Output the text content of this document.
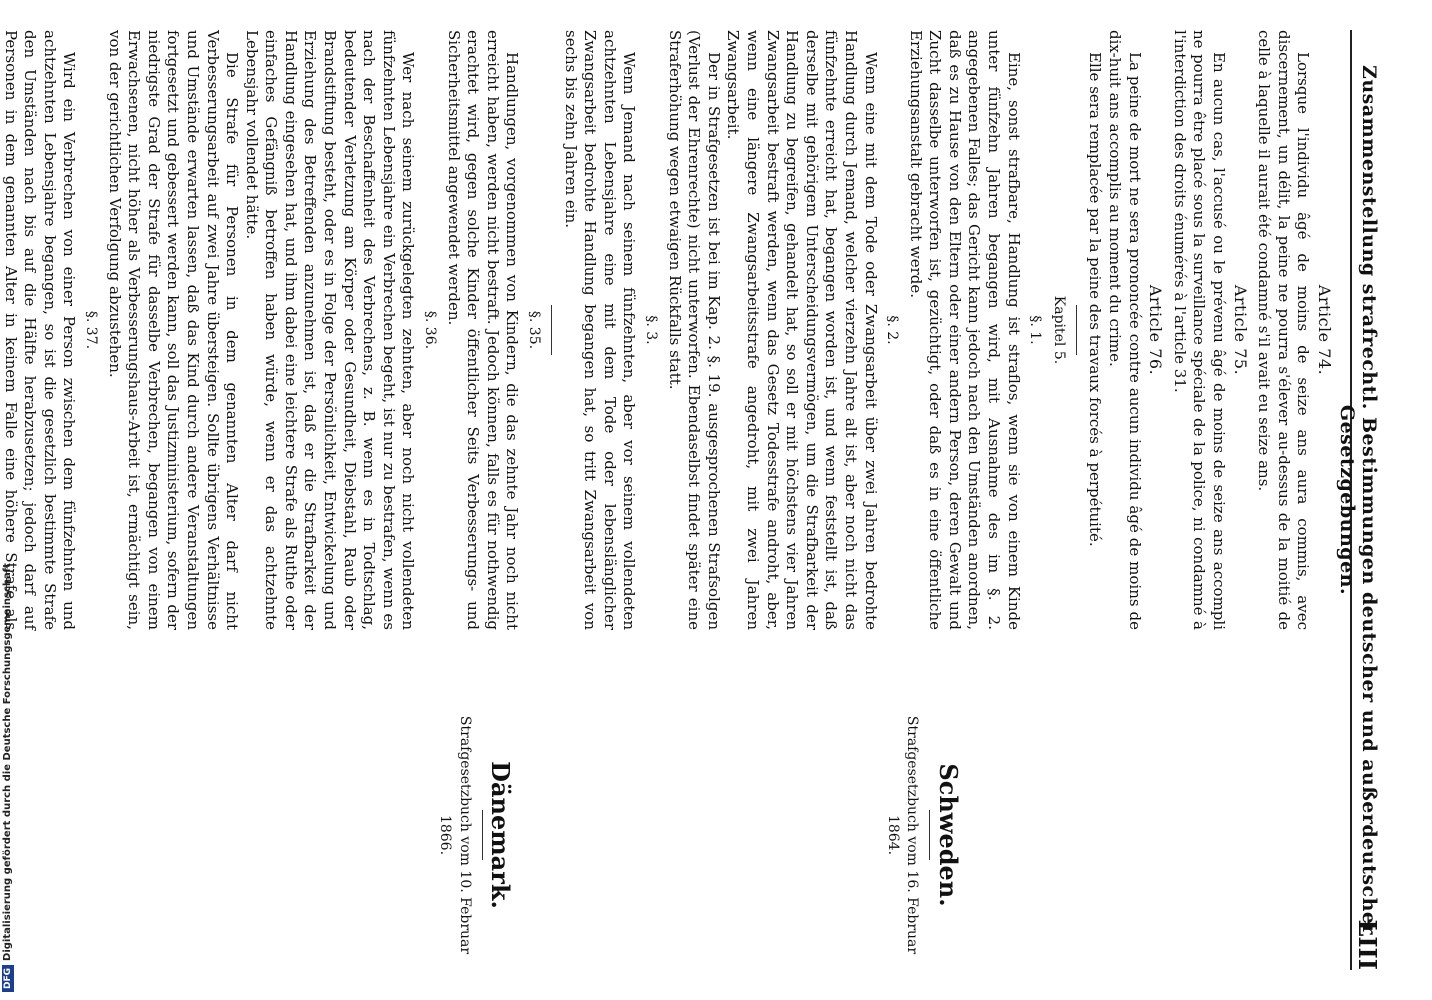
DFGDigitalisierung gefördert durch die Deutsche Forschungsgemeinschaft	Zusammenstellung strafrechtl. Bestimmungen deutscher und außerdeutscher Gesetzgebungen.
LIII
Article 74.

Lorsque l'individu âgé de moins de seize ans aura commis, avec discernement, un délit, la peine ne pourra s'élever au-dessus de la moitié de celle à laquelle il aurait été condamné s'il avait eu seize ans.

Article 75.

En aucun cas, l'accusé ou le prévenu âgé de moins de seize ans accompli ne pourra être placé sous la surveillance spéciale de la police, ni condamné à l'interdiction des droits énumérés à l'article 31.

Article 76.

La peine de mort ne sera prononcée contre aucun individu âgé de moins de dix-huit ans accomplis au moment du crime.

Elle sera remplacée par la peine des travaux forcés à perpétuité.

Kapitel 5.
§. 1.

Eine, sonst strafbare, Handlung ist straflos, wenn sie von einem Kinde unter fünfzehn Jahren begangen wird, mit Ausnahme des im §. 2. angegebenen Falles; das Gericht kann jedoch nach den Umständen anordnen, daß es zu Hause von den Eltern oder einer andern Person, deren Gewalt und Zucht dasselbe unterworfen ist, gezüchtigt, oder daß es in eine öffentliche Erziehungsanstalt gebracht werde.

§. 2.

Wenn eine mit dem Tode oder Zwangsarbeit über zwei Jahren bedrohte Handlung durch Jemand, welcher vierzehn Jahre alt ist, aber noch nicht das fünfzehnte erreicht hat, begangen worden ist, und wenn feststellt ist, daß derselbe mit gehörigem Unterscheidungsvermögen, um die Strafbarkeit der Handlung zu begreifen, gehandelt hat, so soll er mit höchstens vier Jahren Zwangsarbeit bestraft werden, wenn das Gesetz Todesstrafe androht, aber, wenn eine längere Zwangsarbeitsstrafe angedroht, mit zwei Jahren Zwangsarbeit.

Der in Strafgesetzen ist bei im Kap. 2. §. 19. ausgesprochenen Strafsolgen (Verlust der Ehrenrechte) nicht unterworfen. Ebendaselbst findet später eine Straferhöhung wegen etwaigen Rückfalls statt.

§. 3.

Wenn Jemand nach seinem fünfzehnten, aber vor seinem vollendeten achtzehnten Lebensjahre eine mit dem Tode oder lebenslänglicher Zwangsarbeit bedrohte Handlung begangen hat, so tritt Zwangsarbeit von sechs bis zehn Jahren ein.

§. 35.

Handlungen, vorgenommen von Kindern, die das zehnte Jahr noch nicht erreicht haben, werden nicht bestraft. Jedoch können, falls es für nothwendig erachtet wird, gegen solche Kinder öffentlicher Seits Verbesserungs- und Sicherheitsmittel angewendet werden.

§. 36.

Wer nach seinem zurückgelegten zehnten, aber noch nicht vollendeten fünfzehnten Lebensjahre ein Verbrechen begeht, ist nur zu bestrafen, wenn es nach der Beschaffenheit des Verbrechens, z. B. wenn es in Todtschlag, bedeutender Verletzung am Körper oder Gesundheit, Diebstahl, Raub oder Brandstiftung besteht, oder es in Folge der Persönlichkeit, Entwickelung und Erziehung des Betreffenden anzunehmen ist, daß er die Strafbarkeit der Handlung eingesehen hat, und ihm dabei eine leichtere Strafe als Ruthe oder einfaches Gefängniß betroffen haben würde, wenn er das achtzehnte Lebensjahr vollendet hätte.

Die Strafe für Personen in dem genannten Alter darf nicht Verbesserungsarbeit auf zwei Jahre übersteigen. Sollte übrigens Verhältnisse und Umstände erwarten lassen, daß das Kind durch andere Veranstaltungen fortgesetzt und gebessert werden kann, soll das Justizministerium, sofern der niedrigste Grad der Strafe für dasselbe Verbrechen, begangen von einem Erwachsenen, nicht höher als Verbesserungshaus-Arbeit ist, ermächtigt sein, von der gerichtlichen Verfolgung abzustehen.

§. 37.

Wird ein Verbrechen von einer Person zwischen dem fünfzehnten und achtzehnten Lebensjahre begangen, so ist die gesetzlich bestimmte Strafe den Umständen nach bis auf die Hälfte herabzusetzen; jedoch darf auf Personen in dem genannten Alter in keinem Falle eine höhere Strafe als

Schweden.
Strafgesetzbuch vom 16. Februar 1864.
Dänemark.
Strafgesetzbuch vom 10. Februar 1866.
